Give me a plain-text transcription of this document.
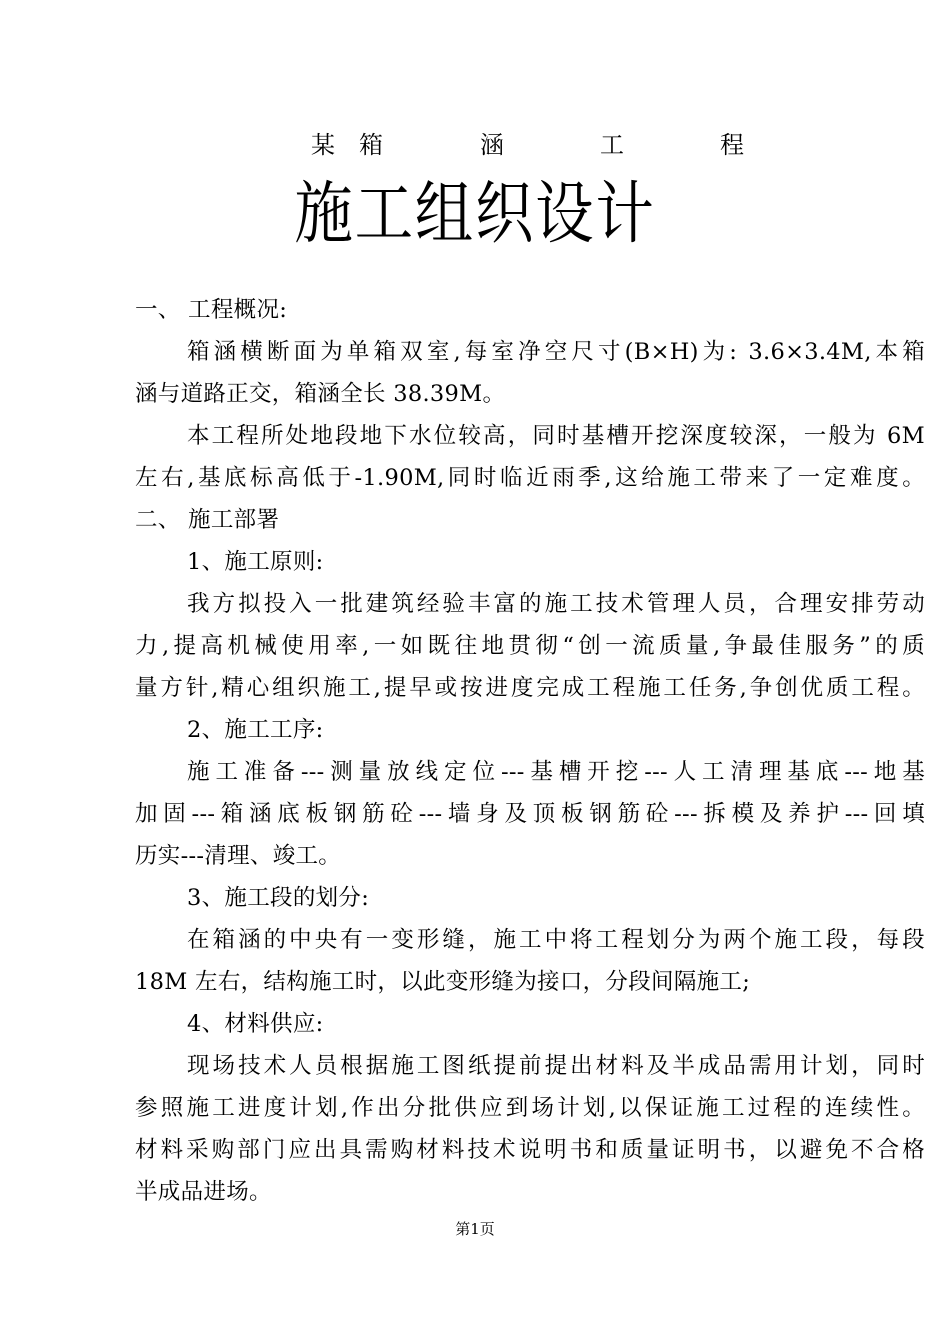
某 箱	涵	工	程
施工组织设计
一、 工程概况:
箱涵横断面为单箱双室,每室净空尺寸(B×H)为: 3.6×3.4M,本箱
涵与道路正交，箱涵全长 38.39M。
本工程所处地段地下水位较高，同时基槽开挖深度较深，一般为 6M
左右,基底标高低于-1.90M,同时临近雨季,这给施工带来了一定难度。
二、 施工部署
1、施工原则:
我方拟投入一批建筑经验丰富的施工技术管理人员，合理安排劳动
力,提高机械使用率,一如既往地贯彻“创一流质量,争最佳服务”的质
量方针,精心组织施工,提早或按进度完成工程施工任务,争创优质工程。
2、施工工序:
施工准备---测量放线定位---基槽开挖---人工清理基底---地基
加固---箱涵底板钢筋砼---墙身及顶板钢筋砼---拆模及养护---回填
历实---清理、竣工。
3、施工段的划分:
在箱涵的中央有一变形缝，施工中将工程划分为两个施工段，每段
18M 左右，结构施工时，以此变形缝为接口，分段间隔施工;
4、材料供应:
现场技术人员根据施工图纸提前提出材料及半成品需用计划，同时
参照施工进度计划,作出分批供应到场计划,以保证施工过程的连续性。
材料采购部门应出具需购材料技术说明书和质量证明书，以避免不合格
半成品进场。
第1页
